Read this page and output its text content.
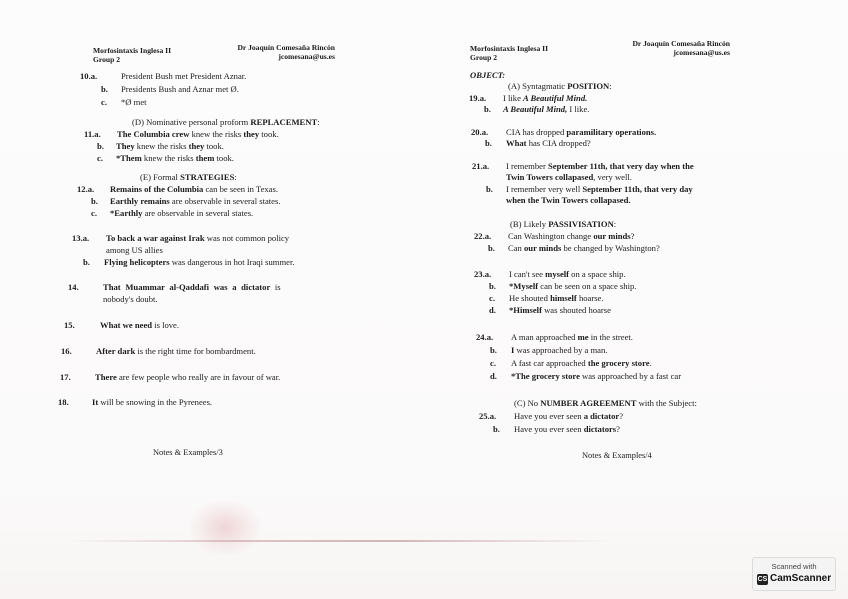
Morfosintaxis Inglesa II
Group 2
Dr Joaquín Comesaña Rincón
jcomesana@us.es
10.a.	President Bush met President Aznar.
b. Presidents Bush and Aznar met Ø.
c. *Ø met
(D) Nominative personal proform REPLACEMENT:
11.a. The Columbia crew knew the risks they took.
b. They knew the risks they took.
c. *Them knew the risks them took.
(E) Formal STRATEGIES:
12.a. Remains of the Columbia can be seen in Texas.
b. Earthly remains are observable in several states.
c. *Earthly are observable in several states.
13.a. To back a war against Irak was not common policy
among US allies
b. Flying helicopters was dangerous in hot Iraqi summer.
14.	That Muammar al-Qaddafi was a dictator is
nobody's doubt.
15.	What we need is love.
16.	After dark is the right time for bombardment.
17.	There are few people who really are in favour of war.
18.	It will be snowing in the Pyrenees.
Notes & Examples/3
Morfosintaxis Inglesa II
Group 2
Dr Joaquín Comesaña Rincón
jcomesana@us.es
OBJECT:
(A) Syntagmatic POSITION:
19.a. I like A Beautiful Mind.
b. A Beautiful Mind, I like.
20.a. CIA has dropped paramilitary operations.
b. What has CIA dropped?
21.a. I remember September 11th, that very day when the
Twin Towers collapased, very well.
b. I remember very well September 11th, that very day
when the Twin Towers collapased.
(B) Likely PASSIVISATION:
22.a. Can Washington change our minds?
b. Can our minds be changed by Washington?
23.a. I can't see myself on a space ship.
b. *Myself can be seen on a space ship.
c. He shouted himself hoarse.
d. *Himself was shouted hoarse
24.a. A man approached me in the street.
b. I was approached by a man.
c. A fast car approached the grocery store.
d. *The grocery store was approached by a fast car
(C) No NUMBER AGREEMENT with the Subject:
25.a. Have you ever seen a dictator?
b. Have you ever seen dictators?
Notes & Examples/4
Scanned with
CS CamScanner
